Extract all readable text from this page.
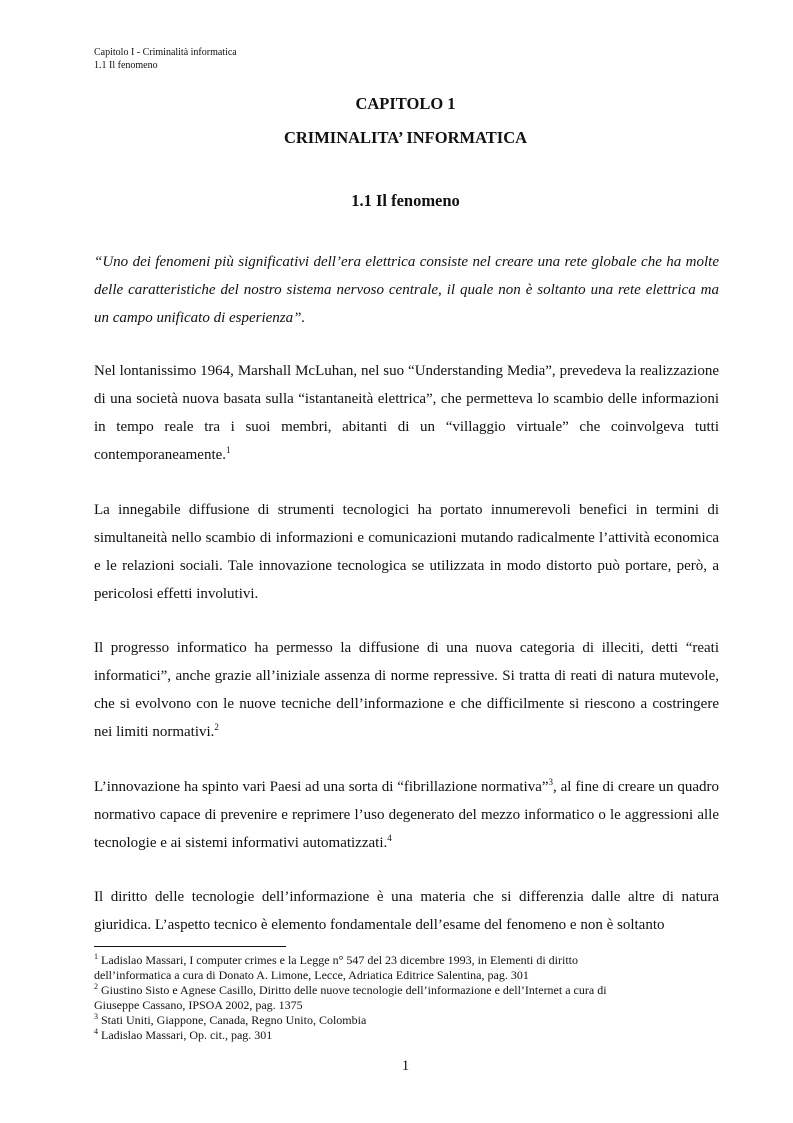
Capitolo I - Criminalità informatica
1.1 Il fenomeno
CAPITOLO 1
CRIMINALITA’ INFORMATICA
1.1 Il fenomeno
“Uno dei fenomeni più significativi dell’era elettrica consiste nel creare una rete globale che ha molte delle caratteristiche del nostro sistema nervoso centrale, il quale non è soltanto una rete elettrica ma un campo unificato di esperienza”.
Nel lontanissimo 1964, Marshall McLuhan, nel suo “Understanding Media”, prevedeva la realizzazione di una società nuova basata sulla “istantaneità elettrica”, che permetteva lo scambio delle informazioni in tempo reale tra i suoi membri, abitanti di un “villaggio virtuale” che coinvolgeva tutti contemporaneamente.$^1$
La innegabile diffusione di strumenti tecnologici ha portato innumerevoli benefici in termini di simultaneità nello scambio di informazioni e comunicazioni mutando radicalmente l’attività economica e le relazioni sociali. Tale innovazione tecnologica se utilizzata in modo distorto può portare, però, a pericolosi effetti involutivi.
Il progresso informatico ha permesso la diffusione di una nuova categoria di illeciti, detti “reati informatici”, anche grazie all’iniziale assenza di norme repressive. Si tratta di reati di natura mutevole, che si evolvono con le nuove tecniche dell’informazione e che difficilmente si riescono a costringere nei limiti normativi.$^2$
L’innovazione ha spinto vari Paesi ad una sorta di “fibrillazione normativa”$^3$, al fine di creare un quadro normativo capace di prevenire e reprimere l’uso degenerato del mezzo informatico o le aggressioni alle tecnologie e ai sistemi informativi automatizzati.$^4$
Il diritto delle tecnologie dell’informazione è una materia che si differenzia dalle altre di natura giuridica. L’aspetto tecnico è elemento fondamentale dell’esame del fenomeno e non è soltanto
$^1$ Ladislao Massari, I computer crimes e la Legge n° 547 del 23 dicembre 1993, in Elementi di diritto
dell’informatica a cura di Donato A. Limone, Lecce, Adriatica Editrice Salentina, pag. 301
$^2$ Giustino Sisto e Agnese Casillo, Diritto delle nuove tecnologie dell’informazione e dell’Internet a cura di
Giuseppe Cassano, IPSOA 2002, pag. 1375
$^3$ Stati Uniti, Giappone, Canada, Regno Unito, Colombia
$^4$ Ladislao Massari, Op. cit., pag. 301
1
